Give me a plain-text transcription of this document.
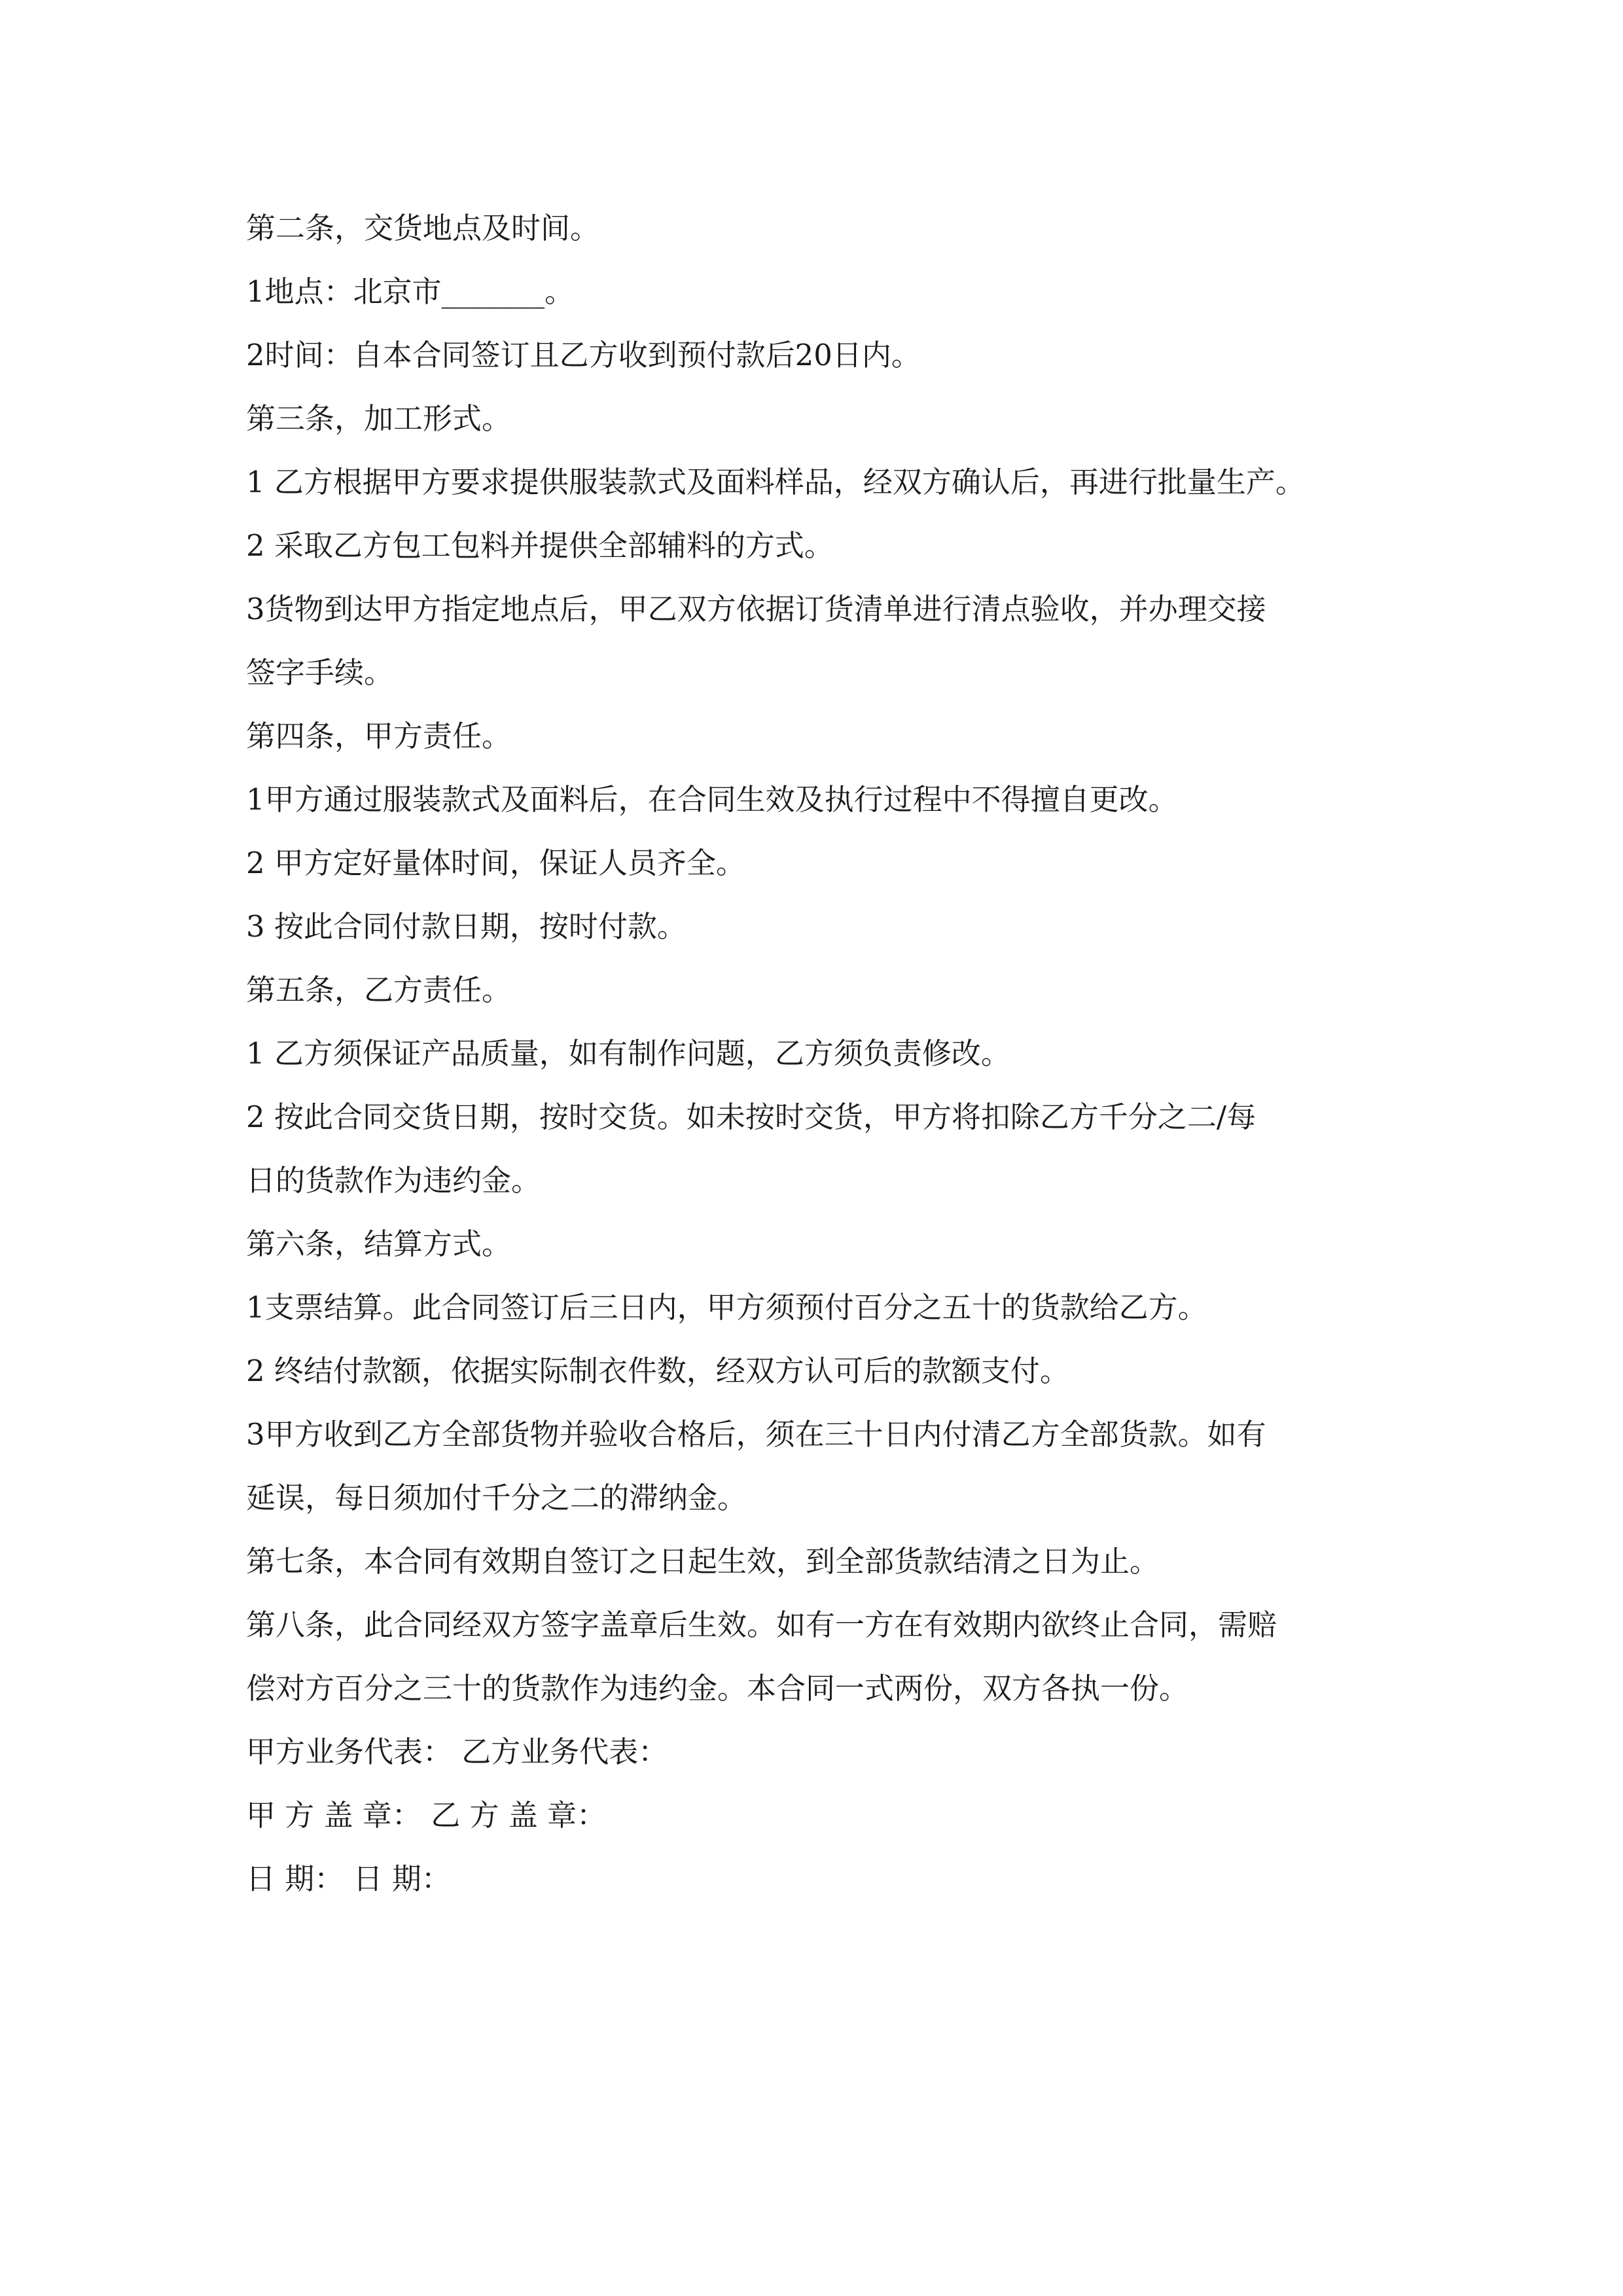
第二条，交货地点及时间。

1地点：北京市_______。

2时间：自本合同签订且乙方收到预付款后20日内。

第三条，加工形式。

1 乙方根据甲方要求提供服装款式及面料样品，经双方确认后，再进行批量生产。

2 采取乙方包工包料并提供全部辅料的方式。

3货物到达甲方指定地点后，甲乙双方依据订货清单进行清点验收，并办理交接

签字手续。

第四条，甲方责任。

1甲方通过服装款式及面料后，在合同生效及执行过程中不得擅自更改。

2 甲方定好量体时间，保证人员齐全。

3 按此合同付款日期，按时付款。

第五条，乙方责任。

1 乙方须保证产品质量，如有制作问题，乙方须负责修改。

2 按此合同交货日期，按时交货。如未按时交货，甲方将扣除乙方千分之二/每

日的货款作为违约金。

第六条，结算方式。

1支票结算。此合同签订后三日内，甲方须预付百分之五十的货款给乙方。

2 终结付款额，依据实际制衣件数，经双方认可后的款额支付。

3甲方收到乙方全部货物并验收合格后，须在三十日内付清乙方全部货款。如有

延误，每日须加付千分之二的滞纳金。

第七条，本合同有效期自签订之日起生效，到全部货款结清之日为止。

第八条，此合同经双方签字盖章后生效。如有一方在有效期内欲终止合同，需赔

偿对方百分之三十的货款作为违约金。本合同一式两份，双方各执一份。

甲方业务代表： 乙方业务代表：

甲 方 盖 章： 乙 方 盖 章：

日 期： 日 期：
